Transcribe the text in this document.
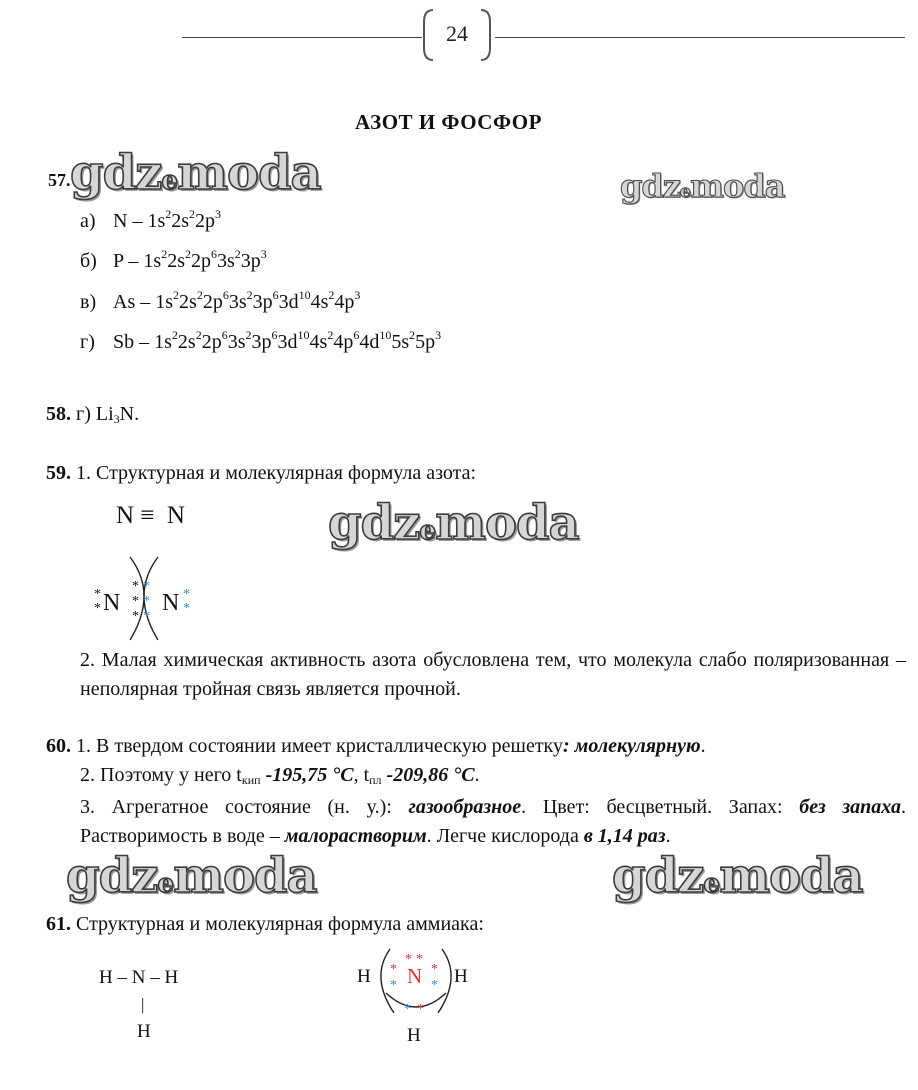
24
АЗОТ И ФОСФОР
gdzemoda	gdzemoda
gdzemoda
gdzemoda	gdzemoda
57.
а) N – $1s^22s^22p^3$
б) P – $1s^22s^22p^63s^23p^3$
в) As – $1s^22s^22p^63s^23p^63d^{10}4s^24p^3$
г) Sb – $1s^22s^22p^63s^23p^63d^{10}4s^24p^64d^{10}5s^25p^3$
58. г) $Li_3N$.
59. 1. Структурная и молекулярная формула азота:
N ≡  N
N N
*
*
*
*
*
*
*
*
*
*
2. Малая химическая активность азота обусловлена тем, что молекула слабо поляризованная – неполярная тройная связь является прочной.
60. 1. В твердом состоянии имеет кристаллическую решетку: молекулярную.
2. Поэтому у него $t_{кип}$ -195,75 °С, $t_{пл}$ -209,86 °С.
3. Агрегатное состояние (н. у.): газообразное. Цвет: бесцветный. Запах: без запаха. Растворимость в воде – малорастворим. Легче кислорода в 1,14 раз.
61. Структурная и молекулярная формула аммиака:
H – N – H
|
H
H	H
N
H
* *
*
*
*
*
* *
